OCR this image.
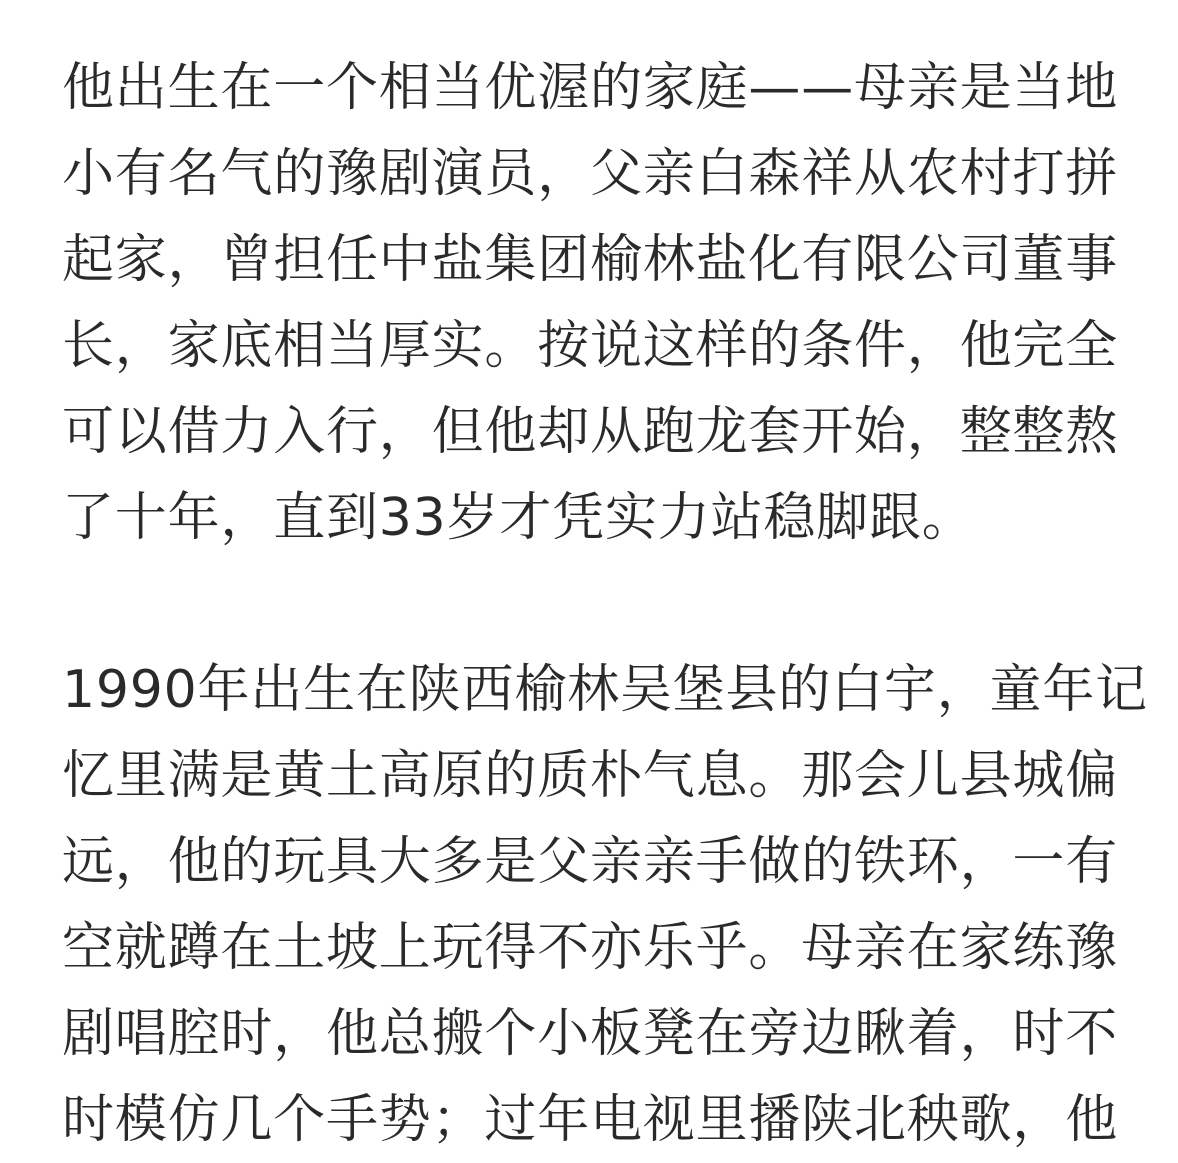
他出生在一个相当优渥的家庭——母亲是当地
小有名气的豫剧演员，父亲白森祥从农村打拼
起家，曾担任中盐集团榆林盐化有限公司董事
长，家底相当厚实。按说这样的条件，他完全
可以借力入行，但他却从跑龙套开始，整整熬
了十年，直到33岁才凭实力站稳脚跟。
1990年出生在陕西榆林吴堡县的白宇，童年记
忆里满是黄土高原的质朴气息。那会儿县城偏
远，他的玩具大多是父亲亲手做的铁环，一有
空就蹲在土坡上玩得不亦乐乎。母亲在家练豫
剧唱腔时，他总搬个小板凳在旁边瞅着，时不
时模仿几个手势；过年电视里播陕北秧歌，他
